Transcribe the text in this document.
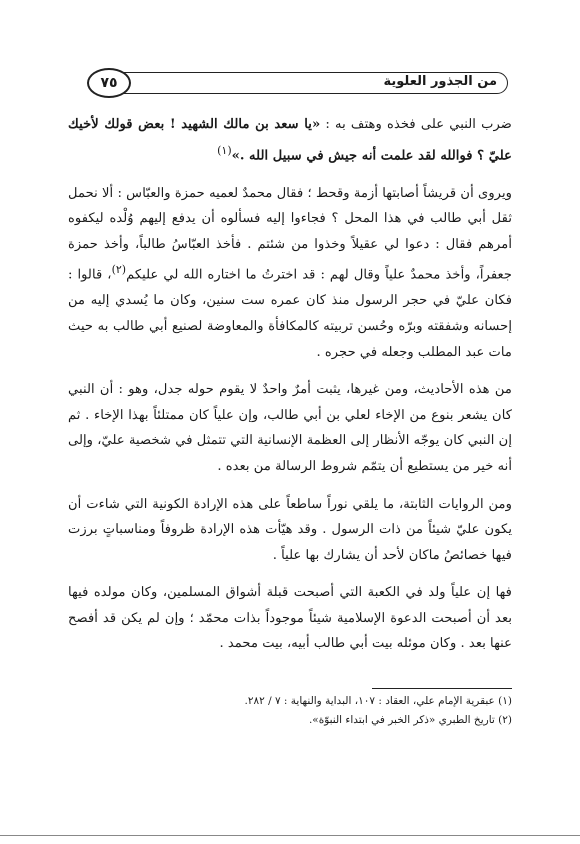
من الجذور العلوية
٧٥

ضرب النبي على فخذه وهتف به : «يا سعد بن مالك الشهيد ! بعض قولك لأخيك عليّ ؟ فوالله لقد علمت أنه جيش في سبيل الله .»$^{(١)}$

ويروى أن قريشاً أصابتها أزمة وقحط ؛ فقال محمدٌ لعميه حمزة والعبّاس : ألا نحمل ثقل أبي طالب في هذا المحل ؟ فجاءوا إليه فسألوه أن يدفع إليهم وُلْده ليكفوه أمرهم فقال : دعوا لي عقيلاً وخذوا من شئتم . فأخذ العبّاسُ طالباً، وأخذ حمزة جعفراً، وأخذ محمدٌ علياً وقال لهم : قد اخترتُ ما اختاره الله لي عليكم$^{(٢)}$، قالوا : فكان عليّ في حجر الرسول منذ كان عمره ست سنين، وكان ما يُسدي إليه من إحسانه وشفقته وبرّه وحُسن تربيته كالمكافأة والمعاوضة لصنيع أبي طالب به حيث مات عبد المطلب وجعله في حجره .

من هذه الأحاديث، ومن غيرها، يثبت أمرٌ واحدٌ لا يقوم حوله جدل، وهو : أن النبي كان يشعر بنوع من الإخاء لعلي بن أبي طالب، وإن علياً كان ممتلئاً بهذا الإخاء . ثم إن النبي كان يوجّه الأنظار إلى العظمة الإنسانية التي تتمثل في شخصية عليّ، وإلى أنه خير من يستطيع أن يتمّم شروط الرسالة من بعده .

ومن الروايات الثابتة، ما يلقي نوراً ساطعاً على هذه الإرادة الكونية التي شاءت أن يكون عليّ شيئاً من ذات الرسول . وقد هيّأت هذه الإرادة ظروفاً ومناسباتٍ برزت فيها خصائصُ ماكان لأحد أن يشارك بها علياً .

فها إن علياً ولد في الكعبة التي أصبحت قبلة أشواق المسلمين، وكان مولده فيها بعد أن أصبحت الدعوة الإسلامية شيئاً موجوداً بذات محمّد ؛ وإن لم يكن قد أفصح عنها بعد . وكان موئله بيت أبي طالب أبيه، بيت محمد .

(١) عبقرية الإمام علي، العقاد : ١٠٧، البداية والنهاية : ٧ / ٢٨٢.
(٢) تاريخ الطبري «ذكر الخبر في ابتداء النبوّة».
